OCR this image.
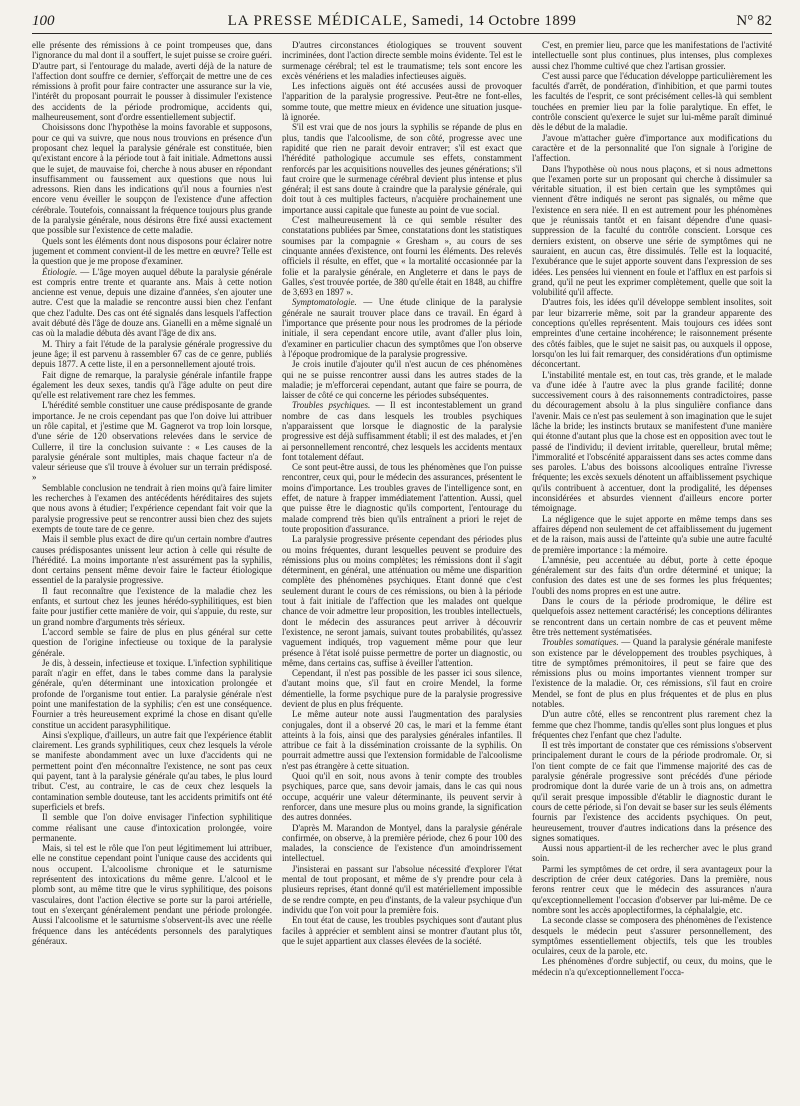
100	LA PRESSE MÉDICALE, Samedi, 14 Octobre 1899	N° 82

elle présente des rémissions à ce point trompeuses que, dans l'ignorance du mal dont il a souffert, le sujet puisse se croire guéri. D'autre part, si l'entourage du malade, averti déjà de la nature de l'affection dont souffre ce dernier, s'efforçait de mettre une de ces rémissions à profit pour faire contracter une assurance sur la vie, l'intérêt du proposant pourrait le pousser à dissimuler l'existence des accidents de la période prodromique, accidents qui, malheureusement, sont d'ordre essentiellement subjectif.

Choisissons donc l'hypothèse la moins favorable et supposons, pour ce qui va suivre, que nous nous trouvions en présence d'un proposant chez lequel la paralysie générale est constituée, bien qu'existant encore à la période tout à fait initiale. Admettons aussi que le sujet, de mauvaise foi, cherche à nous abuser en répondant insuffisamment ou faussement aux questions que nous lui adressons. Rien dans les indications qu'il nous a fournies n'est encore venu éveiller le soupçon de l'existence d'une affection cérébrale. Toutefois, connaissant la fréquence toujours plus grande de la paralysie générale, nous désirons être fixé aussi exactement que possible sur l'existence de cette maladie.

Quels sont les éléments dont nous disposons pour éclairer notre jugement et comment convient-il de les mettre en œuvre? Telle est la question que je me propose d'examiner.

Étiologie. — L'âge moyen auquel débute la paralysie générale est compris entre trente et quarante ans. Mais à cette notion ancienne est venue, depuis une dizaine d'années, s'en ajouter une autre. C'est que la maladie se rencontre aussi bien chez l'enfant que chez l'adulte. Des cas ont été signalés dans lesquels l'affection avait débuté dès l'âge de douze ans. Gianelli en a même signalé un cas où la maladie débuta dès avant l'âge de dix ans.

M. Thiry a fait l'étude de la paralysie générale progressive du jeune âge; il est parvenu à rassembler 67 cas de ce genre, publiés depuis 1877. A cette liste, il en a personnellement ajouté trois.

Fait digne de remarque, la paralysie générale infantile frappe également les deux sexes, tandis qu'à l'âge adulte on peut dire qu'elle est relativement rare chez les femmes.

L'hérédité semble constituer une cause prédisposante de grande importance. Je ne crois cependant pas que l'on doive lui attribuer un rôle capital, et j'estime que M. Gagnerot va trop loin lorsque, d'une série de 120 observations relevées dans le service de Cullerre, il tire la conclusion suivante : « Les causes de la paralysie générale sont multiples, mais chaque facteur n'a de valeur sérieuse que s'il trouve à évoluer sur un terrain prédisposé. »

Semblable conclusion ne tendrait à rien moins qu'à faire limiter les recherches à l'examen des antécédents héréditaires des sujets que nous avons à étudier; l'expérience cependant fait voir que la paralysie progressive peut se rencontrer aussi bien chez des sujets exempts de toute tare de ce genre.

Mais il semble plus exact de dire qu'un certain nombre d'autres causes prédisposantes unissent leur action à celle qui résulte de l'hérédité. La moins importante n'est assurément pas la syphilis, dont certains pensent même devoir faire le facteur étiologique essentiel de la paralysie progressive.

Il faut reconnaître que l'existence de la maladie chez les enfants, et surtout chez les jeunes hérédo-syphilitiques, est bien faite pour justifier cette manière de voir, qui s'appuie, du reste, sur un grand nombre d'arguments très sérieux.

L'accord semble se faire de plus en plus général sur cette question de l'origine infectieuse ou toxique de la paralysie générale.

Je dis, à dessein, infectieuse et toxique. L'infection syphilitique paraît n'agir en effet, dans le tabes comme dans la paralysie générale, qu'en déterminant une intoxication prolongée et profonde de l'organisme tout entier. La paralysie générale n'est point une manifestation de la syphilis; c'en est une conséquence. Fournier a très heureusement exprimé la chose en disant qu'elle constitue un accident parasyphilitique.

Ainsi s'explique, d'ailleurs, un autre fait que l'expérience établit clairement. Les grands syphilitiques, ceux chez lesquels la vérole se manifeste abondamment avec un luxe d'accidents qui ne permettent point d'en méconnaître l'existence, ne sont pas ceux qui payent, tant à la paralysie générale qu'au tabes, le plus lourd tribut. C'est, au contraire, le cas de ceux chez lesquels la contamination semble douteuse, tant les accidents primitifs ont été superficiels et brefs.

Il semble que l'on doive envisager l'infection syphilitique comme réalisant une cause d'intoxication prolongée, voire permanente.

Mais, si tel est le rôle que l'on peut légitimement lui attribuer, elle ne constitue cependant point l'unique cause des accidents qui nous occupent. L'alcoolisme chronique et le saturnisme représentent des intoxications du même genre. L'alcool et le plomb sont, au même titre que le virus syphilitique, des poisons vasculaires, dont l'action élective se porte sur la paroi artérielle, tout en s'exerçant généralement pendant une période prolongée. Aussi l'alcoolisme et le saturnisme s'observent-ils avec une réelle fréquence dans les antécédents personnels des paralytiques généraux.

D'autres circonstances étiologiques se trouvent souvent incriminées, dont l'action directe semble moins évidente. Tel est le surmenage cérébral; tel est le traumatisme; tels sont encore les excès vénériens et les maladies infectieuses aiguës.

Les infections aiguës ont été accusées aussi de provoquer l'apparition de la paralysie progressive. Peut-être ne font-elles, somme toute, que mettre mieux en évidence une situation jusque-là ignorée.

S'il est vrai que de nos jours la syphilis se répande de plus en plus, tandis que l'alcoolisme, de son côté, progresse avec une rapidité que rien ne parait devoir entraver; s'il est exact que l'hérédité pathologique accumule ses effets, constamment renforcés par les acquisitions nouvelles des jeunes générations; s'il faut croire que le surmenage cérébral devient plus intense et plus général; il est sans doute à craindre que la paralysie générale, qui doit tout à ces multiples facteurs, n'acquière prochainement une importance aussi capitale que funeste au point de vue social.

C'est malheureusement là ce qui semble résulter des constatations publiées par Smee, constatations dont les statistiques soumises par la compagnie « Gresham », au cours de ses cinquante années d'existence, ont fourni les éléments. Des relevés officiels il résulte, en effet, que « la mortalité occasionnée par la folie et la paralysie générale, en Angleterre et dans le pays de Galles, s'est trouvée portée, de 380 qu'elle était en 1848, au chiffre de 3,693 en 1897 ».

Symptomatologie. — Une étude clinique de la paralysie générale ne saurait trouver place dans ce travail. En égard à l'importance que présente pour nous les prodromes de la période initiale, il sera cependant encore utile, avant d'aller plus loin, d'examiner en particulier chacun des symptômes que l'on observe à l'époque prodromique de la paralysie progressive.

Je crois inutile d'ajouter qu'il n'est aucun de ces phénomènes qui ne se puisse rencontrer aussi dans les autres stades de la maladie; je m'efforcerai cependant, autant que faire se pourra, de laisser de côté ce qui concerne les périodes subséquentes.

Troubles psychiques. — Il est incontestablement un grand nombre de cas dans lesquels les troubles psychiques n'apparaissent que lorsque le diagnostic de la paralysie progressive est déjà suffisamment établi; il est des malades, et j'en ai personnellement rencontré, chez lesquels les accidents mentaux font totalement défaut.

Ce sont peut-être aussi, de tous les phénomènes que l'on puisse rencontrer, ceux qui, pour le médecin des assurances, présentent le moins d'importance. Les troubles graves de l'intelligence sont, en effet, de nature à frapper immédiatement l'attention. Aussi, quel que puisse être le diagnostic qu'ils comportent, l'entourage du malade comprend très bien qu'ils entraînent a priori le rejet de toute proposition d'assurance.

La paralysie progressive présente cependant des périodes plus ou moins fréquentes, durant lesquelles peuvent se produire des rémissions plus ou moins complètes; les rémissions dont il s'agit déterminent, en général, une atténuation ou même une disparition complète des phénomènes psychiques. Etant donné que c'est seulement durant le cours de ces rémissions, ou bien à la période tout à fait initiale de l'affection que les malades ont quelque chance de voir admettre leur proposition, les troubles intellectuels, dont le médecin des assurances peut arriver à découvrir l'existence, ne seront jamais, suivant toutes probabilités, qu'assez vaguement indiqués, trop vaguement même pour que leur présence à l'état isolé puisse permettre de porter un diagnostic, ou même, dans certains cas, suffise à éveiller l'attention.

Cependant, il n'est pas possible de les passer ici sous silence, d'autant moins que, s'il faut en croire Mendel, la forme démentielle, la forme psychique pure de la paralysie progressive devient de plus en plus fréquente.

Le même auteur note aussi l'augmentation des paralysies conjugales, dont il a observé 20 cas, le mari et la femme étant atteints à la fois, ainsi que des paralysies générales infantiles. Il attribue ce fait à la dissémination croissante de la syphilis. On pourrait admettre aussi que l'extension formidable de l'alcoolisme n'est pas étrangère à cette situation.

Quoi qu'il en soit, nous avons à tenir compte des troubles psychiques, parce que, sans devoir jamais, dans le cas qui nous occupe, acquérir une valeur déterminante, ils peuvent servir à renforcer, dans une mesure plus ou moins grande, la signification des autres données.

D'après M. Marandon de Montyel, dans la paralysie générale confirmée, on observe, à la première période, chez 6 pour 100 des malades, la conscience de l'existence d'un amoindrissement intellectuel.

J'insisterai en passant sur l'absolue nécessité d'explorer l'état mental de tout proposant, et même de s'y prendre pour cela à plusieurs reprises, étant donné qu'il est matériellement impossible de se rendre compte, en peu d'instants, de la valeur psychique d'un individu que l'on voit pour la première fois.

En tout état de cause, les troubles psychiques sont d'autant plus faciles à apprécier et semblent ainsi se montrer d'autant plus tôt, que le sujet appartient aux classes élevées de la société.

C'est, en premier lieu, parce que les manifestations de l'activité intellectuelle sont plus continues, plus intenses, plus complexes aussi chez l'homme cultivé que chez l'artisan grossier.

C'est aussi parce que l'éducation développe particulièrement les facultés d'arrêt, de pondération, d'inhibition, et que parmi toutes les facultés de l'esprit, ce sont précisément celles-là qui semblent touchées en premier lieu par la folie paralytique. En effet, le contrôle conscient qu'exerce le sujet sur lui-même paraît diminué dès le début de la maladie.

J'avoue m'attacher guère d'importance aux modifications du caractère et de la personnalité que l'on signale à l'origine de l'affection.

Dans l'hypothèse où nous nous plaçons, et si nous admettons que l'examen porte sur un proposant qui cherche à dissimuler sa véritable situation, il est bien certain que les symptômes qui viennent d'être indiqués ne seront pas signalés, ou même que l'existence en sera niée. Il en est autrement pour les phénomènes que je réunissais tantôt et en faisant dépendre d'une quasi-suppression de la faculté du contrôle conscient. Lorsque ces derniers existent, on observe une série de symptômes qui ne sauraient, en aucun cas, être dissimulés. Telle est la loquacité, l'exubérance que le sujet apporte souvent dans l'expression de ses idées. Les pensées lui viennent en foule et l'afflux en est parfois si grand, qu'il ne peut les exprimer complètement, quelle que soit la volubilité qu'il affecte.

D'autres fois, les idées qu'il développe semblent insolites, soit par leur bizarrerie même, soit par la grandeur apparente des conceptions qu'elles représentent. Mais toujours ces idées sont empreintes d'une certaine incohérence; le raisonnement présente des côtés faibles, que le sujet ne saisit pas, ou auxquels il oppose, lorsqu'on les lui fait remarquer, des considérations d'un optimisme déconcertant.

L'instabilité mentale est, en tout cas, très grande, et le malade va d'une idée à l'autre avec la plus grande facilité; donne successivement cours à des raisonnements contradictoires, passe du découragement absolu à la plus singulière confiance dans l'avenir. Mais ce n'est pas seulement à son imagination que le sujet lâche la bride; les instincts brutaux se manifestent d'une manière qui étonne d'autant plus que la chose est en opposition avec tout le passé de l'individu; il devient irritable, querelleur, brutal même; l'immoralité et l'obscénité apparaissent dans ses actes comme dans ses paroles. L'abus des boissons alcooliques entraîne l'ivresse fréquente; les excès sexuels dénotent un affaiblissement psychique qu'ils contribuent à accentuer, dont la prodigalité, les dépenses inconsidérées et absurdes viennent d'ailleurs encore porter témoignage.

La négligence que le sujet apporte en même temps dans ses affaires dépend non seulement de cet affaiblissement du jugement et de la raison, mais aussi de l'atteinte qu'a subie une autre faculté de première importance : la mémoire.

L'amnésie, peu accentuée au début, porte à cette époque généralement sur des faits d'un ordre déterminé et unique; la confusion des dates est une de ses formes les plus fréquentes; l'oubli des noms propres en est une autre.

Dans le cours de la période prodromique, le délire est quelquefois assez nettement caractérisé; les conceptions délirantes se rencontrent dans un certain nombre de cas et peuvent même être très nettement systématisées.

Troubles somatiques. — Quand la paralysie générale manifeste son existence par le développement des troubles psychiques, à titre de symptômes prémonitoires, il peut se faire que des rémissions plus ou moins importantes viennent tromper sur l'existence de la maladie. Or, ces rémissions, s'il faut en croire Mendel, se font de plus en plus fréquentes et de plus en plus notables.

D'un autre côté, elles se rencontrent plus rarement chez la femme que chez l'homme, tandis qu'elles sont plus longues et plus fréquentes chez l'enfant que chez l'adulte.

Il est très important de constater que ces rémissions s'observent principalement durant le cours de la période prodromale. Or, si l'on tient compte de ce fait que l'immense majorité des cas de paralysie générale progressive sont précédés d'une période prodromique dont la durée varie de un à trois ans, on admettra qu'il serait presque impossible d'établir le diagnostic durant le cours de cette période, si l'on devait se baser sur les seuls éléments fournis par l'existence des accidents psychiques. On peut, heureusement, trouver d'autres indications dans la présence des signes somatiques.

Aussi nous appartient-il de les rechercher avec le plus grand soin.

Parmi les symptômes de cet ordre, il sera avantageux pour la description de créer deux catégories. Dans la première, nous ferons rentrer ceux que le médecin des assurances n'aura qu'exceptionnellement l'occasion d'observer par lui-même. De ce nombre sont les accès apoplectiformes, la céphalalgie, etc.

La seconde classe se composera des phénomènes de l'existence desquels le médecin peut s'assurer personnellement, des symptômes essentiellement objectifs, tels que les troubles oculaires, ceux de la parole, etc.

Les phénomènes d'ordre subjectif, ou ceux, du moins, que le médecin n'a qu'exceptionnellement l'occa-
